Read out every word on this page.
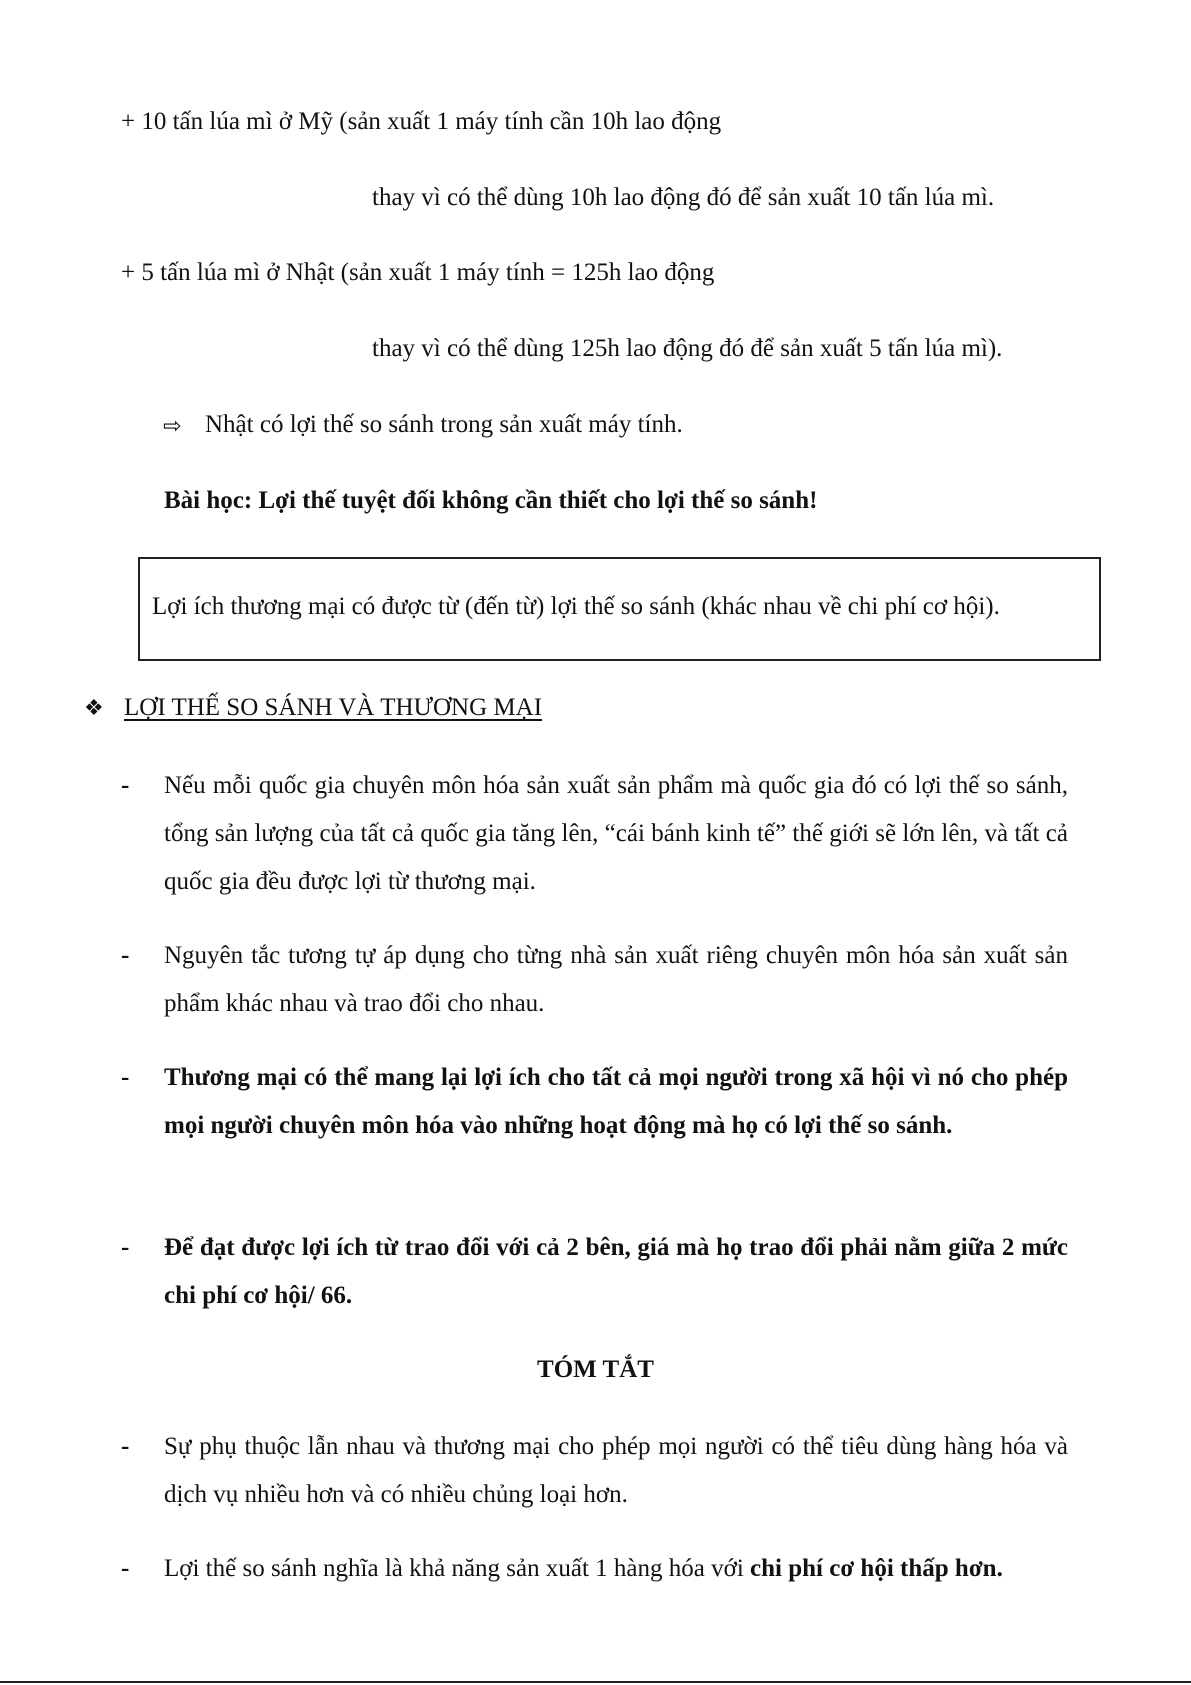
+ 10 tấn lúa mì ở Mỹ (sản xuất 1 máy tính cần 10h lao động
thay vì có thể dùng 10h lao động đó để sản xuất 10 tấn lúa mì.
+ 5 tấn lúa mì ở Nhật (sản xuất 1 máy tính = 125h lao động
thay vì có thể dùng 125h lao động đó để sản xuất 5 tấn lúa mì).
⇨ Nhật có lợi thế so sánh trong sản xuất máy tính.
Bài học: Lợi thế tuyệt đối không cần thiết cho lợi thế so sánh!
Lợi ích thương mại có được từ (đến từ) lợi thế so sánh (khác nhau về chi phí cơ hội).
❖ LỢI THẾ SO SÁNH VÀ THƯƠNG MẠI
- Nếu mỗi quốc gia chuyên môn hóa sản xuất sản phẩm mà quốc gia đó có lợi thế so sánh, tổng sản lượng của tất cả quốc gia tăng lên, “cái bánh kinh tế” thế giới sẽ lớn lên, và tất cả quốc gia đều được lợi từ thương mại.
- Nguyên tắc tương tự áp dụng cho từng nhà sản xuất riêng chuyên môn hóa sản xuất sản phẩm khác nhau và trao đổi cho nhau.
- Thương mại có thể mang lại lợi ích cho tất cả mọi người trong xã hội vì nó cho phép mọi người chuyên môn hóa vào những hoạt động mà họ có lợi thế so sánh.
- Để đạt được lợi ích từ trao đổi với cả 2 bên, giá mà họ trao đổi phải nằm giữa 2 mức chi phí cơ hội/ 66.
TÓM TẮT
- Sự phụ thuộc lẫn nhau và thương mại cho phép mọi người có thể tiêu dùng hàng hóa và dịch vụ nhiều hơn và có nhiều chủng loại hơn.
- Lợi thế so sánh nghĩa là khả năng sản xuất 1 hàng hóa với chi phí cơ hội thấp hơn.
